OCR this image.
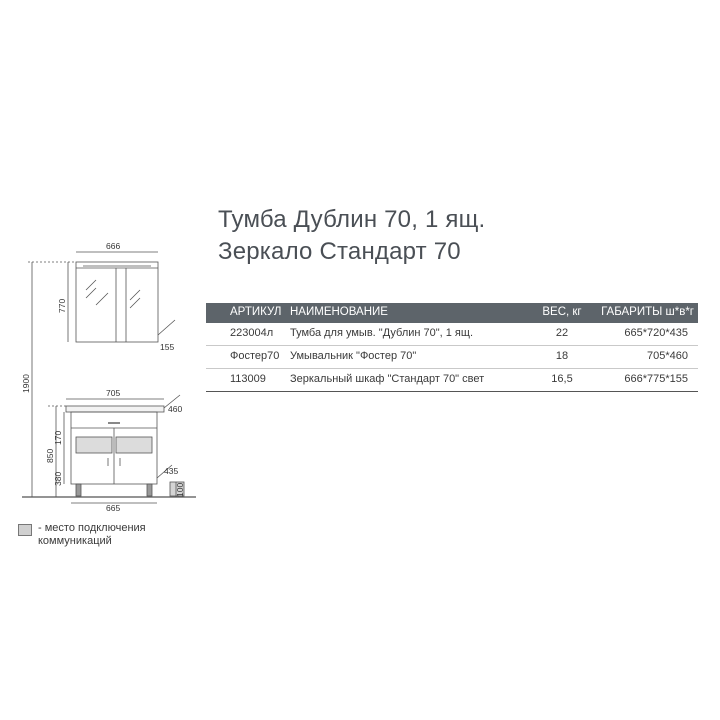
Тумба Дублин 70, 1 ящ.
Зеркало Стандарт 70
АРТИКУЛ НАИМЕНОВАНИЕ	ВЕС, кг ГАБАРИТЫ ш*в*г
223004л Тумба для умыв. "Дублин 70", 1 ящ.	22	665*720*435
Фостер70 Умывальник "Фостер 70"	18	705*460
113009 Зеркальный шкаф "Стандарт 70" свет	16,5	666*775*155
666
770
155
1900	705
460
850
170
380
435
100
665
- место подключения коммуникаций
